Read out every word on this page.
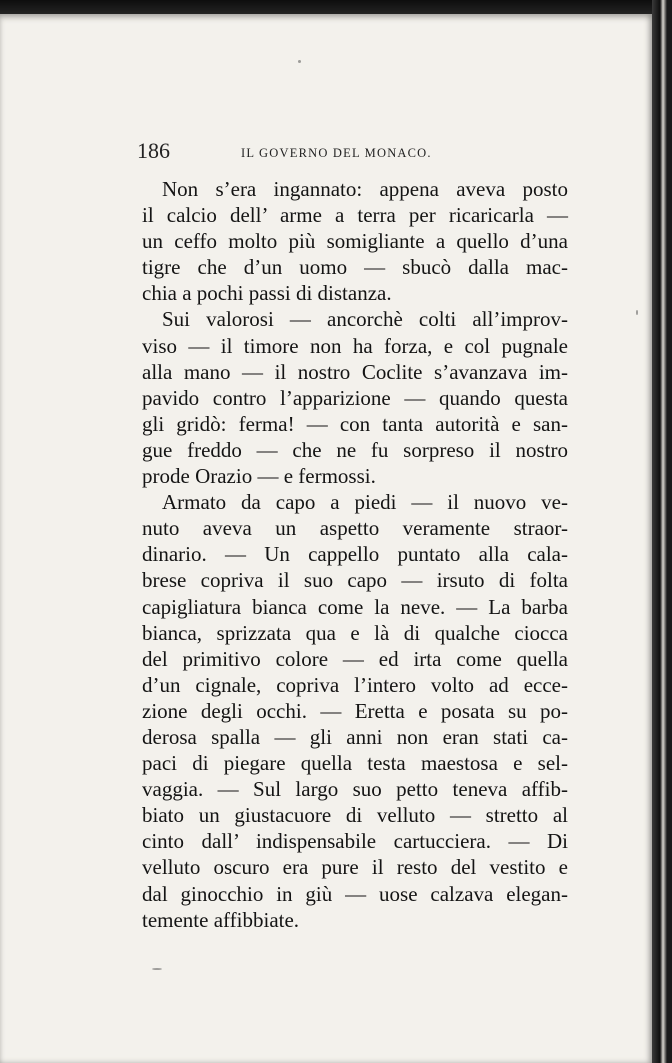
186	IL GOVERNO DEL MONACO.
Non s’era ingannato: appena aveva posto
il calcio dell’ arme a terra per ricaricarla —
un ceffo molto più somigliante a quello d’una
tigre che d’un uomo — sbucò dalla mac-
chia a pochi passi di distanza.
Sui valorosi — ancorchè colti all’improv-
viso — il timore non ha forza, e col pugnale
alla mano — il nostro Coclite s’avanzava im-
pavido contro l’apparizione — quando questa
gli gridò: ferma! — con tanta autorità e san-
gue freddo — che ne fu sorpreso il nostro
prode Orazio — e fermossi.
Armato da capo a piedi — il nuovo ve-
nuto aveva un aspetto veramente straor-
dinario. — Un cappello puntato alla cala-
brese copriva il suo capo — irsuto di folta
capigliatura bianca come la neve. — La barba
bianca, sprizzata qua e là di qualche ciocca
del primitivo colore — ed irta come quella
d’un cignale, copriva l’intero volto ad ecce-
zione degli occhi. — Eretta e posata su po-
derosa spalla — gli anni non eran stati ca-
paci di piegare quella testa maestosa e sel-
vaggia. — Sul largo suo petto teneva affib-
biato un giustacuore di velluto — stretto al
cinto dall’ indispensabile cartucciera. — Di
velluto oscuro era pure il resto del vestito e
dal ginocchio in giù — uose calzava elegan-
temente affibbiate.
